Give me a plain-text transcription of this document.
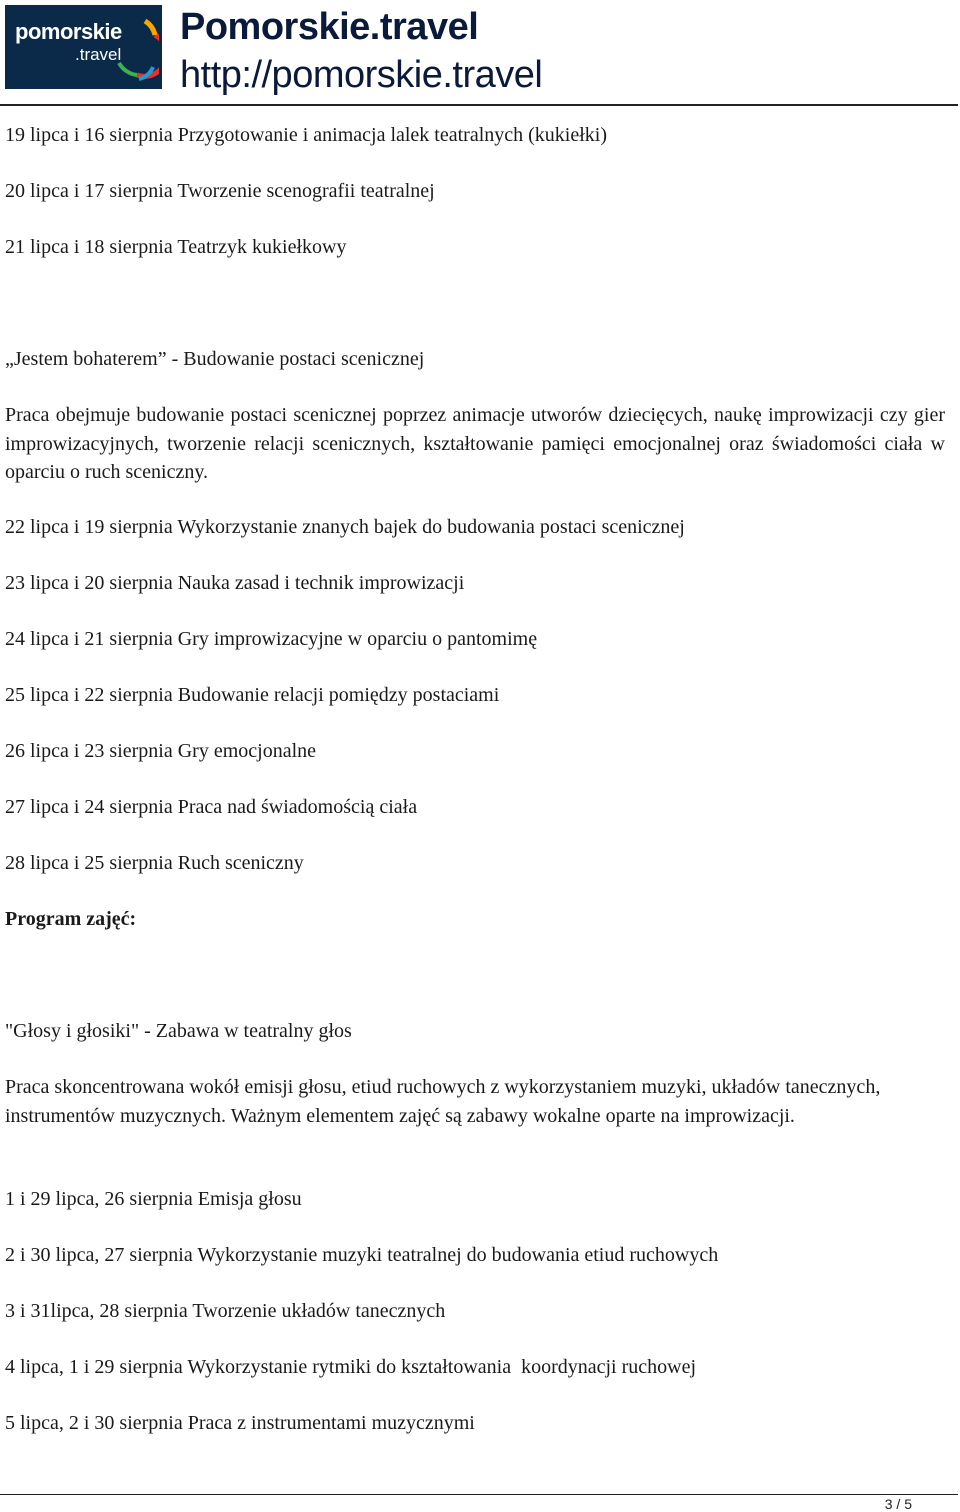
pomorskie
.travel
Pomorskie.travel
http://pomorskie.travel
19 lipca i 16 sierpnia Przygotowanie i animacja lalek teatralnych (kukiełki)
20 lipca i 17 sierpnia Tworzenie scenografii teatralnej
21 lipca i 18 sierpnia Teatrzyk kukiełkowy
„Jestem bohaterem” - Budowanie postaci scenicznej
Praca obejmuje budowanie postaci scenicznej poprzez animacje utworów dziecięcych, naukę improwizacji czy gier improwizacyjnych, tworzenie relacji scenicznych, kształtowanie pamięci emocjonalnej oraz świadomości ciała w oparciu o ruch sceniczny.
22 lipca i 19 sierpnia Wykorzystanie znanych bajek do budowania postaci scenicznej
23 lipca i 20 sierpnia Nauka zasad i technik improwizacji
24 lipca i 21 sierpnia Gry improwizacyjne w oparciu o pantomimę
25 lipca i 22 sierpnia Budowanie relacji pomiędzy postaciami
26 lipca i 23 sierpnia Gry emocjonalne
27 lipca i 24 sierpnia Praca nad świadomością ciała
28 lipca i 25 sierpnia Ruch sceniczny
Program zajęć:
"Głosy i głosiki" - Zabawa w teatralny głos
Praca skoncentrowana wokół emisji głosu, etiud ruchowych z wykorzystaniem muzyki, układów tanecznych, instrumentów muzycznych. Ważnym elementem zajęć są zabawy wokalne oparte na improwizacji.
1 i 29 lipca, 26 sierpnia Emisja głosu
2 i 30 lipca, 27 sierpnia Wykorzystanie muzyki teatralnej do budowania etiud ruchowych
3 i 31lipca, 28 sierpnia Tworzenie układów tanecznych
4 lipca, 1 i 29 sierpnia Wykorzystanie rytmiki do kształtowania  koordynacji ruchowej
5 lipca, 2 i 30 sierpnia Praca z instrumentami muzycznymi
3 / 5
